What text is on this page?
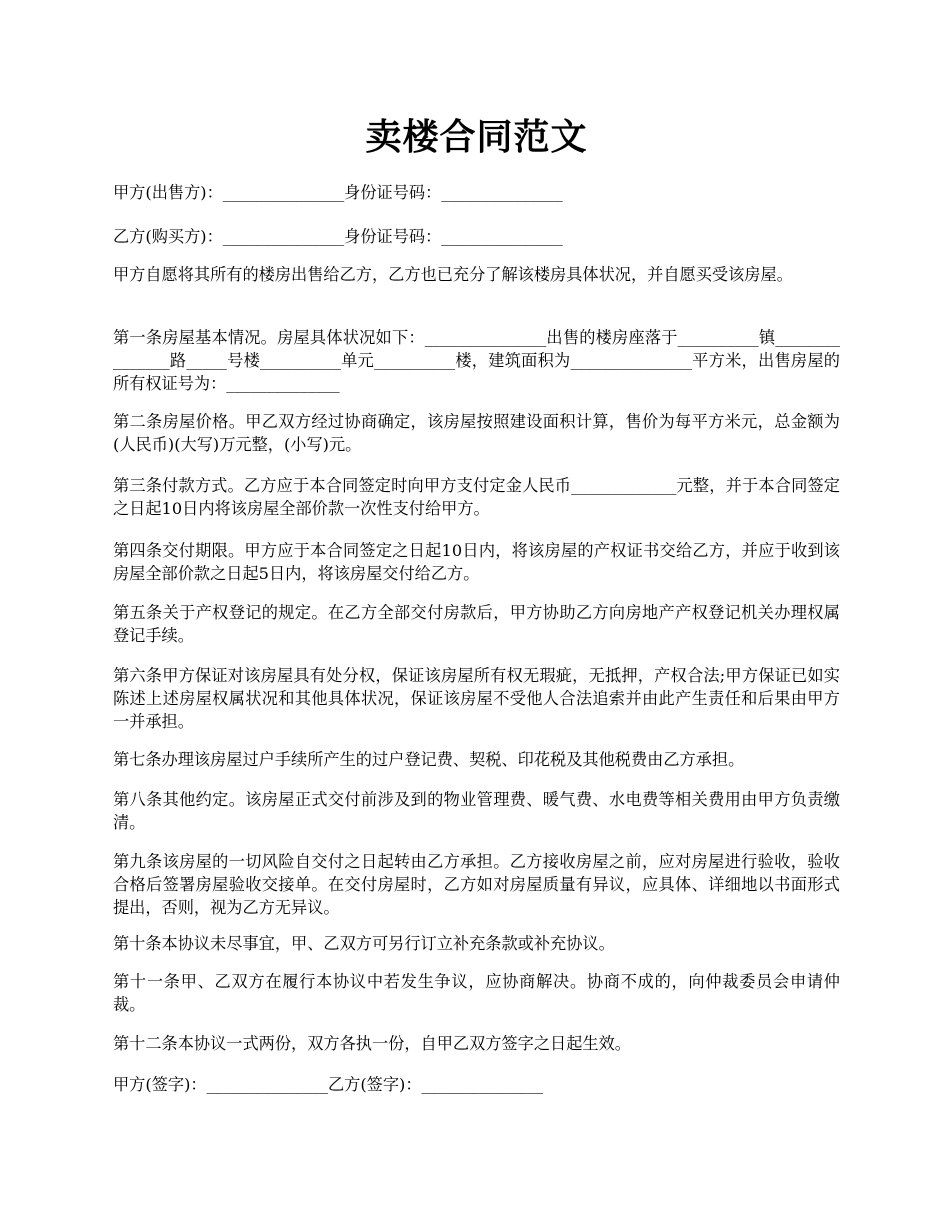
卖楼合同范文

甲方(出售方)：_______________身份证号码：_______________

乙方(购买方)：_______________身份证号码：_______________

甲方自愿将其所有的楼房出售给乙方，乙方也已充分了解该楼房具体状况，并自愿买受该房屋。

第一条房屋基本情况。房屋具体状况如下：_______________出售的楼房座落于__________镇_______________路_____号楼__________单元__________楼，建筑面积为_______________平方米，出售房屋的所有权证号为：______________

第二条房屋价格。甲乙双方经过协商确定，该房屋按照建设面积计算，售价为每平方米元，总金额为(人民币)(大写)万元整，(小写)元。

第三条付款方式。乙方应于本合同签定时向甲方支付定金人民币_____________元整，并于本合同签定之日起10日内将该房屋全部价款一次性支付给甲方。

第四条交付期限。甲方应于本合同签定之日起10日内，将该房屋的产权证书交给乙方，并应于收到该房屋全部价款之日起5日内，将该房屋交付给乙方。

第五条关于产权登记的规定。在乙方全部交付房款后，甲方协助乙方向房地产产权登记机关办理权属登记手续。

第六条甲方保证对该房屋具有处分权，保证该房屋所有权无瑕疵，无抵押，产权合法;甲方保证已如实陈述上述房屋权属状况和其他具体状况，保证该房屋不受他人合法追索并由此产生责任和后果由甲方一并承担。

第七条办理该房屋过户手续所产生的过户登记费、契税、印花税及其他税费由乙方承担。

第八条其他约定。该房屋正式交付前涉及到的物业管理费、暖气费、水电费等相关费用由甲方负责缴清。

第九条该房屋的一切风险自交付之日起转由乙方承担。乙方接收房屋之前，应对房屋进行验收，验收合格后签署房屋验收交接单。在交付房屋时，乙方如对房屋质量有异议，应具体、详细地以书面形式提出，否则，视为乙方无异议。

第十条本协议未尽事宜，甲、乙双方可另行订立补充条款或补充协议。

第十一条甲、乙双方在履行本协议中若发生争议，应协商解决。协商不成的，向仲裁委员会申请仲裁。

第十二条本协议一式两份，双方各执一份，自甲乙双方签字之日起生效。

甲方(签字)：_______________乙方(签字)：_______________
